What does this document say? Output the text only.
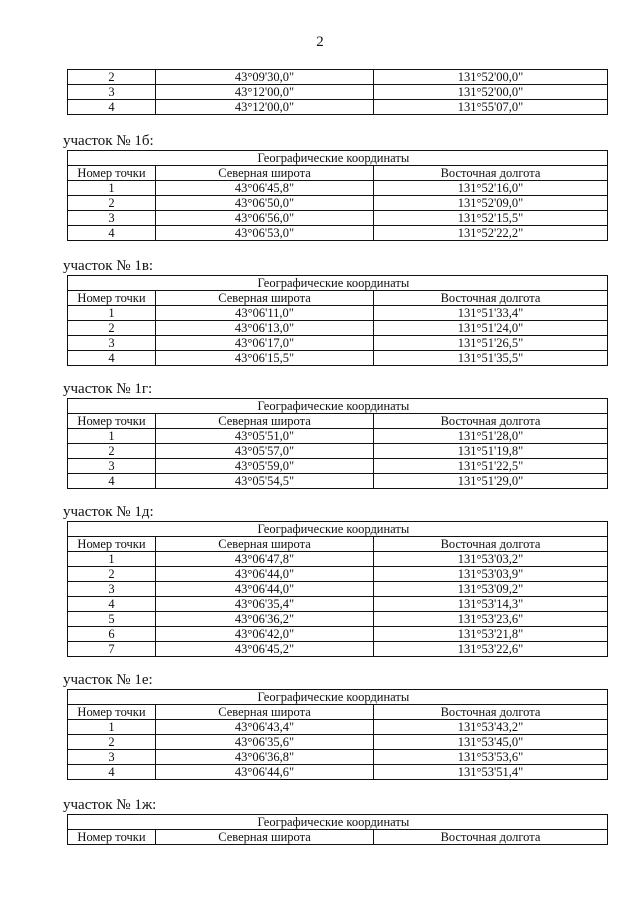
2
2	43°09'30,0"	131°52'00,0"
3	43°12'00,0"	131°52'00,0"
4	43°12'00,0"	131°55'07,0"
участок № 1б:
	Географические координаты	
Номер точки	Северная широта	Восточная долгота
1	43°06'45,8"	131°52'16,0"
2	43°06'50,0"	131°52'09,0"
3	43°06'56,0"	131°52'15,5"
4	43°06'53,0"	131°52'22,2"
участок № 1в:
	Географические координаты	
Номер точки	Северная широта	Восточная долгота
1	43°06'11,0"	131°51'33,4"
2	43°06'13,0"	131°51'24,0"
3	43°06'17,0"	131°51'26,5"
4	43°06'15,5"	131°51'35,5"
участок № 1г:
	Географические координаты	
Номер точки	Северная широта	Восточная долгота
1	43°05'51,0"	131°51'28,0"
2	43°05'57,0"	131°51'19,8"
3	43°05'59,0"	131°51'22,5"
4	43°05'54,5"	131°51'29,0"
участок № 1д:
	Географические координаты	
Номер точки	Северная широта	Восточная долгота
1	43°06'47,8"	131°53'03,2"
2	43°06'44,0"	131°53'03,9"
3	43°06'44,0"	131°53'09,2"
4	43°06'35,4"	131°53'14,3"
5	43°06'36,2"	131°53'23,6"
6	43°06'42,0"	131°53'21,8"
7	43°06'45,2"	131°53'22,6"
участок № 1е:
	Географические координаты	
Номер точки	Северная широта	Восточная долгота
1	43°06'43,4"	131°53'43,2"
2	43°06'35,6"	131°53'45,0"
3	43°06'36,8"	131°53'53,6"
4	43°06'44,6"	131°53'51,4"
участок № 1ж:
	Географические координаты	
Номер точки	Северная широта	Восточная долгота
